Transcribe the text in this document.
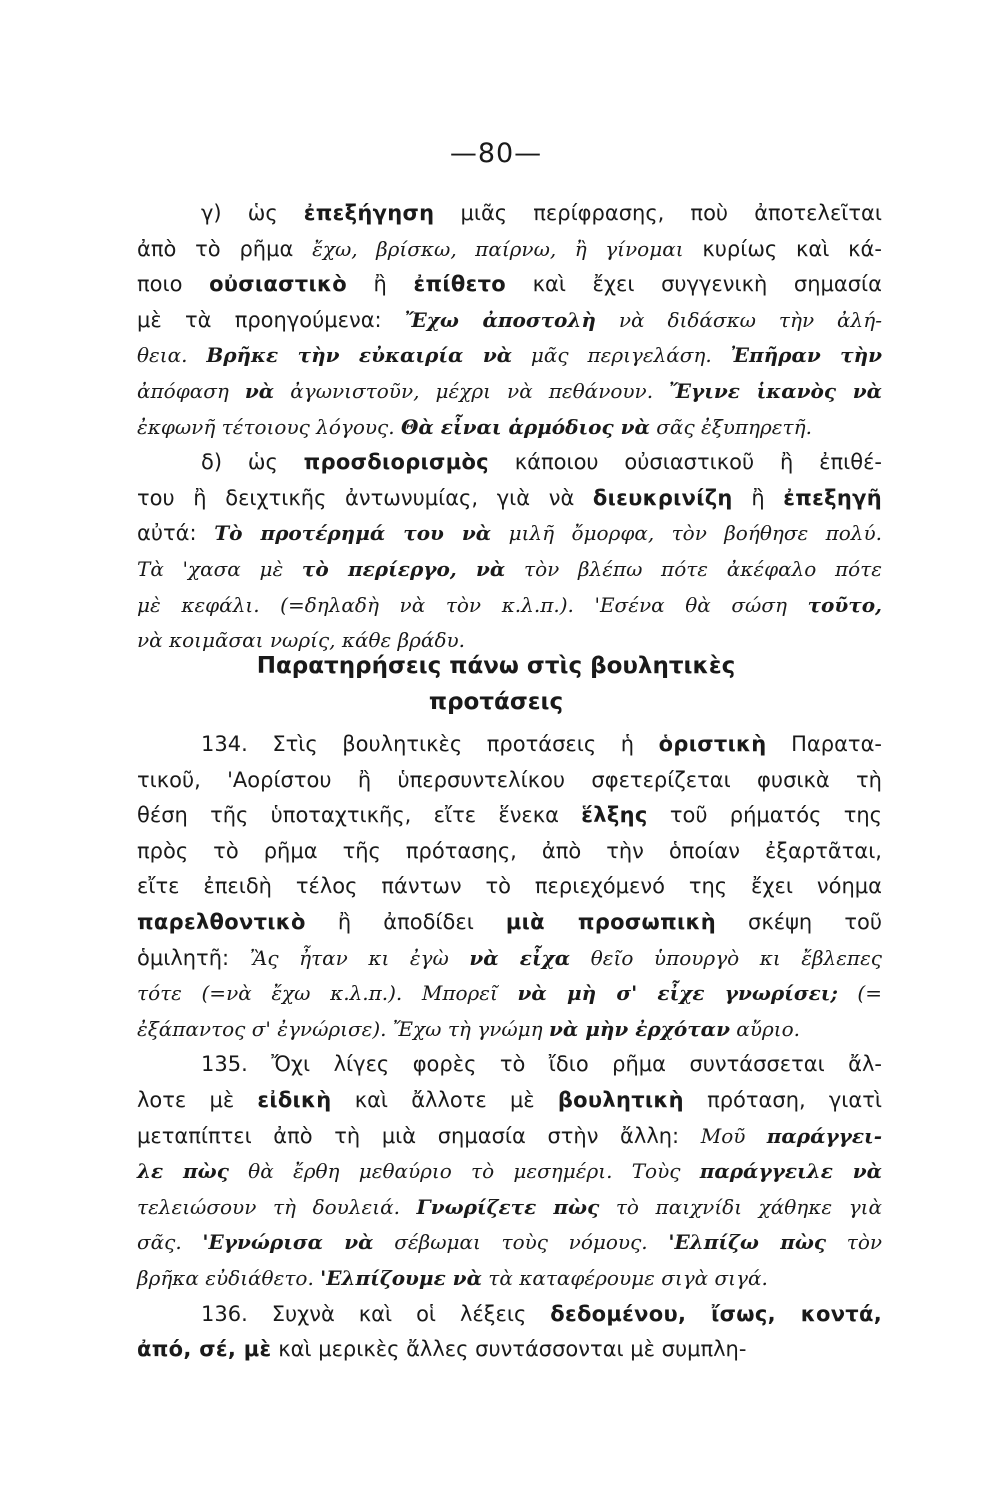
—80—
γ) ὡς ἐπεξήγηση μιᾶς περίφρασης, ποὺ ἀποτελεῖται
ἀπὸ τὸ ρῆμα ἔχω, βρίσκω, παίρνω, ἢ γίνομαι κυρίως καὶ κά-
ποιο οὐσιαστικὸ ἢ ἐπίθετο καὶ ἔχει συγγενικὴ σημασία
μὲ τὰ προηγούμενα: Ἔχω ἀποστολὴ νὰ διδάσκω τὴν ἀλή-
θεια. Βρῆκε τὴν εὐκαιρία νὰ μᾶς περιγελάση. Ἐπῆραν τὴν
ἀπόφαση νὰ ἀγωνιστοῦν, μέχρι νὰ πεθάνουν. Ἔγινε ἱκανὸς νὰ
ἐκφωνῆ τέτοιους λόγους. Θὰ εἶναι ἁρμόδιος νὰ σᾶς ἐξυπηρετῆ.
δ) ὡς προσδιορισμὸς κάποιου οὐσιαστικοῦ ἢ ἐπιθέ-
του ἢ δειχτικῆς ἀντωνυμίας, γιὰ νὰ διευκρινίζη ἢ ἐπεξηγῆ
αὐτά: Τὸ προτέρημά του νὰ μιλῆ ὄμορφα, τὸν βοήθησε πολύ.
Τὰ 'χασα μὲ τὸ περίεργο, νὰ τὸν βλέπω πότε ἀκέφαλο πότε
μὲ κεφάλι. (=δηλαδὴ νὰ τὸν κ.λ.π.). 'Εσένα θὰ σώση τοῦτο,
νὰ κοιμᾶσαι νωρίς, κάθε βράδυ.
Παρατηρήσεις πάνω στὶς βουλητικὲς
προτάσεις
134. Στὶς βουλητικὲς προτάσεις ἡ ὁριστικὴ Παρατα-
τικοῦ, 'Αορίστου ἢ ὑπερσυντελίκου σφετερίζεται φυσικὰ τὴ
θέση τῆς ὑποταχτικῆς, εἴτε ἕνεκα ἕλξης τοῦ ρήματός της
πρὸς τὸ ρῆμα τῆς πρότασης, ἀπὸ τὴν ὁποίαν ἐξαρτᾶται,
εἴτε ἐπειδὴ τέλος πάντων τὸ περιεχόμενό της ἔχει νόημα
παρελθοντικὸ ἢ ἀποδίδει μιὰ προσωπικὴ σκέψη τοῦ
ὁμιλητῆ: Ἂς ἦταν κι ἐγὼ νὰ εἶχα θεῖο ὑπουργὸ κι ἔβλεπες
τότε (=νὰ ἔχω κ.λ.π.). Μπορεῖ νὰ μὴ σ' εἶχε γνωρίσει; (=
ἐξάπαντος σ' ἐγνώρισε). Ἔχω τὴ γνώμη νὰ μὴν ἐρχόταν αὔριο.
135. Ὄχι λίγες φορὲς τὸ ἴδιο ρῆμα συντάσσεται ἄλ-
λοτε μὲ εἰδικὴ καὶ ἄλλοτε μὲ βουλητικὴ πρόταση, γιατὶ
μεταπίπτει ἀπὸ τὴ μιὰ σημασία στὴν ἄλλη: Μοῦ παράγγει-
λε πὼς θὰ ἔρθη μεθαύριο τὸ μεσημέρι. Τοὺς παράγγειλε νὰ
τελειώσουν τὴ δουλειά. Γνωρίζετε πὼς τὸ παιχνίδι χάθηκε γιὰ
σᾶς. 'Εγνώρισα νὰ σέβωμαι τοὺς νόμους. 'Ελπίζω πὼς τὸν
βρῆκα εὐδιάθετο. 'Ελπίζουμε νὰ τὰ καταφέρουμε σιγὰ σιγά.
136. Συχνὰ καὶ οἱ λέξεις δεδομένου, ἴσως, κοντά,
ἀπό, σέ, μὲ καὶ μερικὲς ἄλλες συντάσσονται μὲ συμπλη-
